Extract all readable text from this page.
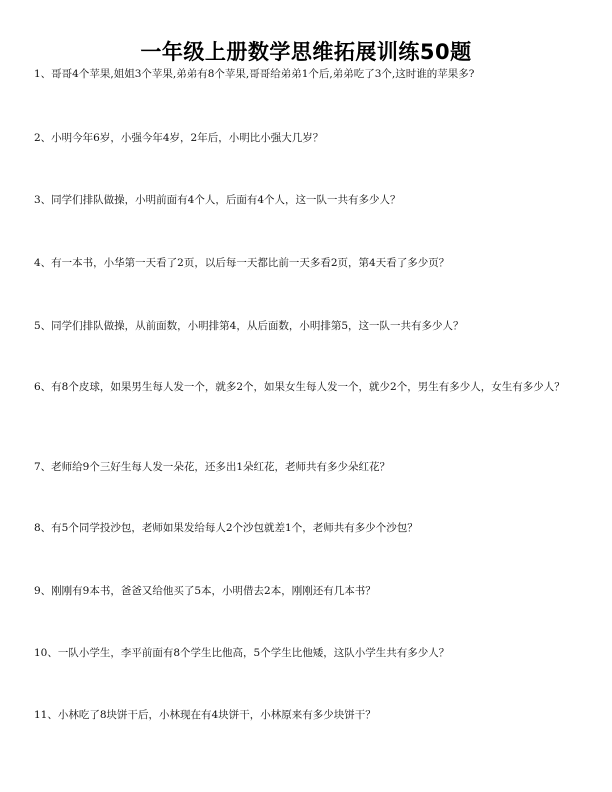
一年级上册数学思维拓展训练50题
1、哥哥4个苹果,姐姐3个苹果,弟弟有8个苹果,哥哥给弟弟1个后,弟弟吃了3个,这时谁的苹果多?
2、小明今年6岁，小强今年4岁，2年后，小明比小强大几岁？
3、同学们排队做操，小明前面有4个人，后面有4个人，这一队一共有多少人？
4、有一本书，小华第一天看了2页，以后每一天都比前一天多看2页，第4天看了多少页？
5、同学们排队做操，从前面数，小明排第4，从后面数，小明排第5，这一队一共有多少人？
6、有8个皮球，如果男生每人发一个，就多2个，如果女生每人发一个，就少2个，男生有多少人，女生有多少人？
7、老师给9个三好生每人发一朵花，还多出1朵红花，老师共有多少朵红花？
8、有5个同学投沙包，老师如果发给每人2个沙包就差1个，老师共有多少个沙包？
9、刚刚有9本书，爸爸又给他买了5本，小明借去2本，刚刚还有几本书？
10、一队小学生，李平前面有8个学生比他高，5个学生比他矮，这队小学生共有多少人？
11、小林吃了8块饼干后，小林现在有4块饼干，小林原来有多少块饼干？
